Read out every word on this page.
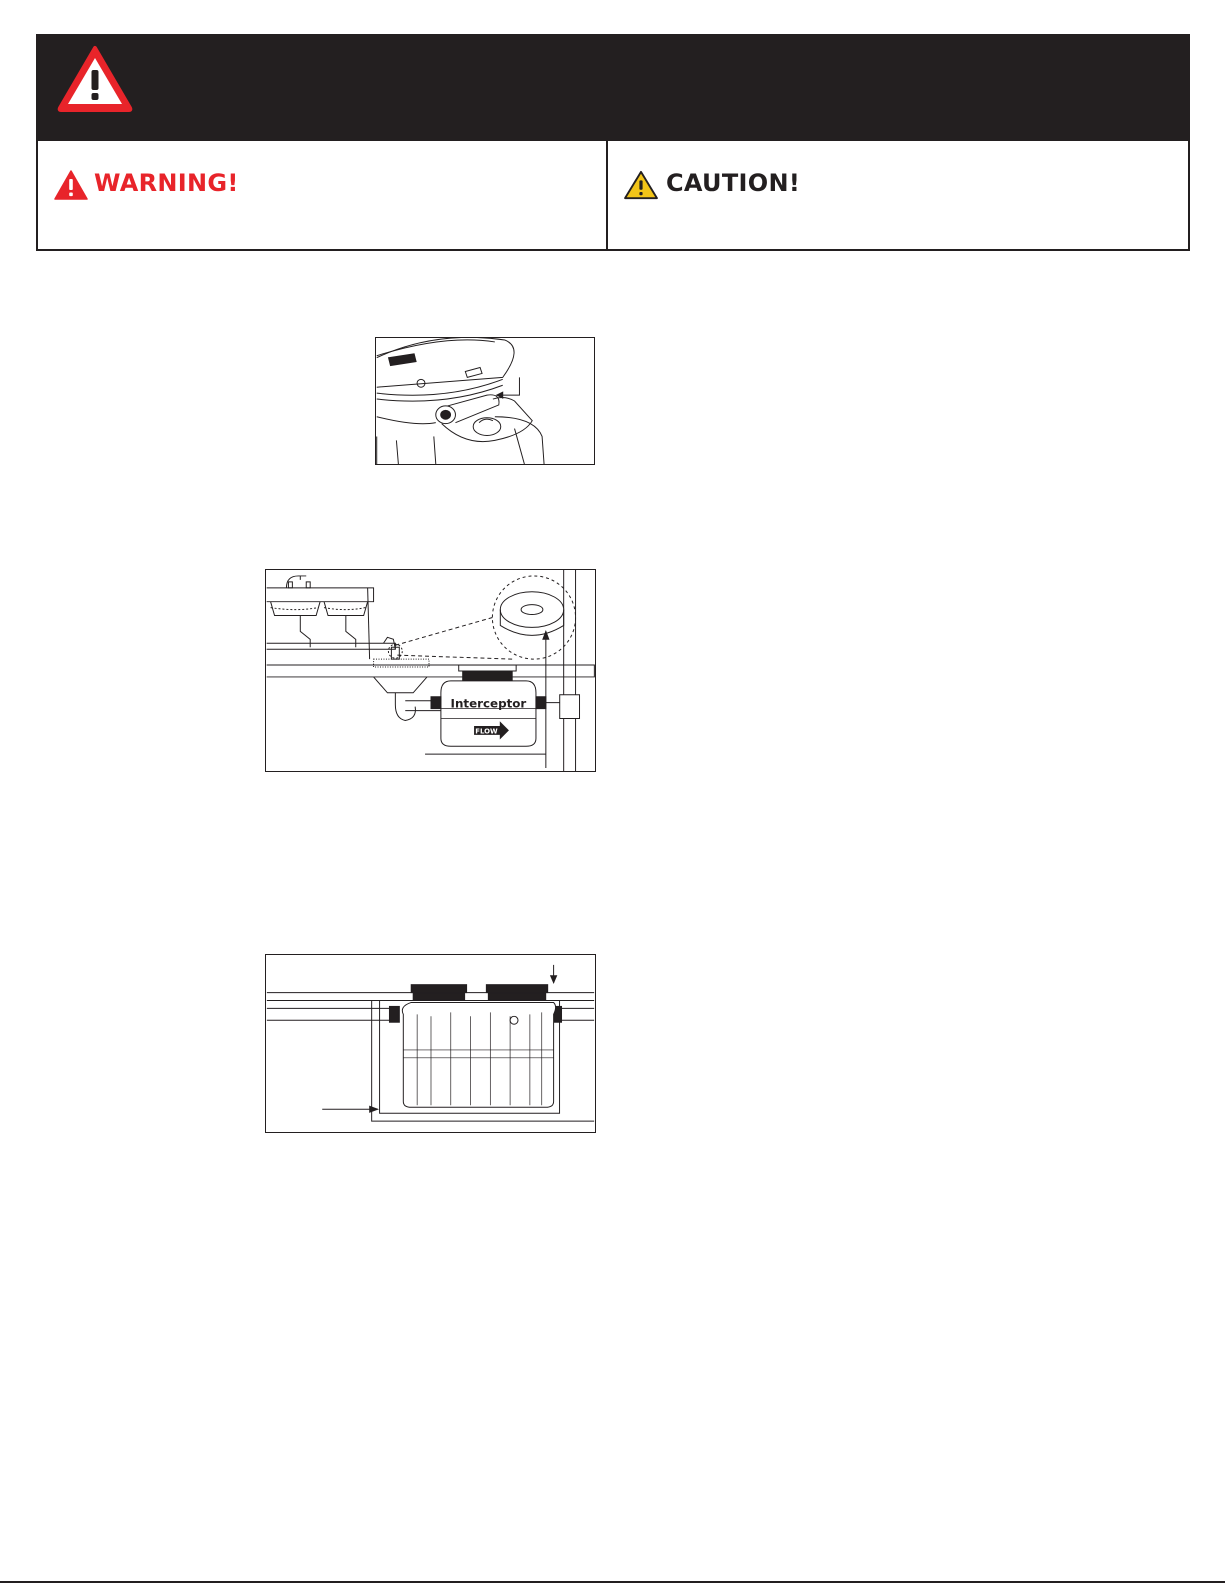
WARNING!	CAUTION!
Interceptor
FLOW
